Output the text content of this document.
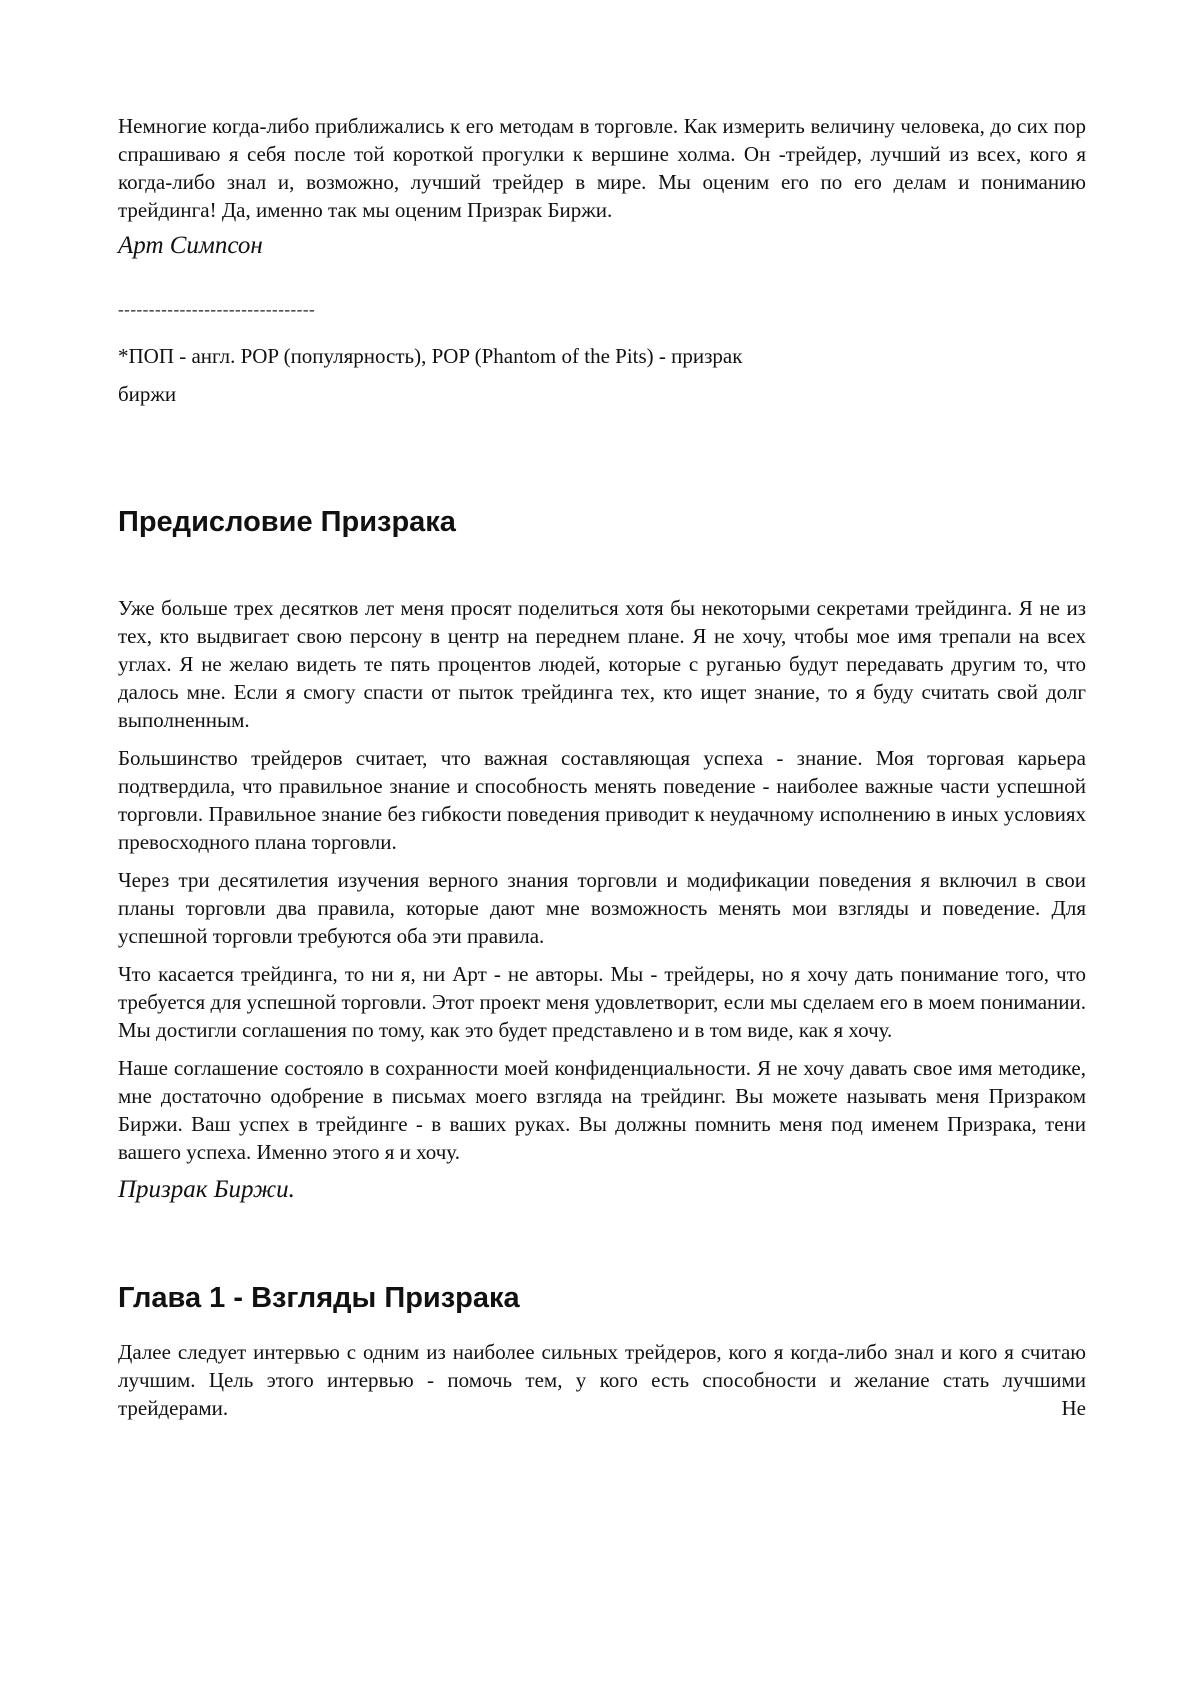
Немногие когда-либо приближались к его методам в торговле. Как измерить величину человека, до сих пор спрашиваю я себя после той короткой прогулки к вершине холма. Он -трейдер, лучший из всех, кого я когда-либо знал и, возможно, лучший трейдер в мире. Мы оценим его по его делам и пониманию трейдинга! Да, именно так мы оценим Призрак Биржи.

Арт Симпсон

--------------------------------

*ПОП - англ. POP (популярность), POP (Phantom of the Pits) - призрак

биржи

Предисловие Призрака

Уже больше трех десятков лет меня просят поделиться хотя бы некоторыми секретами трейдинга. Я не из тех, кто выдвигает свою персону в центр на переднем плане. Я не хочу, чтобы мое имя трепали на всех углах. Я не желаю видеть те пять процентов людей, которые с руганью будут передавать другим то, что далось мне. Если я смогу спасти от пыток трейдинга тех, кто ищет знание, то я буду считать свой долг выполненным.

Большинство трейдеров считает, что важная составляющая успеха - знание. Моя торговая карьера подтвердила, что правильное знание и способность менять поведение - наиболее важные части успешной торговли. Правильное знание без гибкости поведения приводит к неудачному исполнению в иных условиях превосходного плана торговли.

Через три десятилетия изучения верного знания торговли и модификации поведения я включил в свои планы торговли два правила, которые дают мне возможность менять мои взгляды и поведение. Для успешной торговли требуются оба эти правила.

Что касается трейдинга, то ни я, ни Арт - не авторы. Мы - трейдеры, но я хочу дать понимание того, что требуется для успешной торговли. Этот проект меня удовлетворит, если мы сделаем его в моем понимании. Мы достигли соглашения по тому, как это будет представлено и в том виде, как я хочу.

Наше соглашение состояло в сохранности моей конфиденциальности. Я не хочу давать свое имя методике, мне достаточно одобрение в письмах моего взгляда на трейдинг. Вы можете называть меня Призраком Биржи. Ваш успех в трейдинге - в ваших руках. Вы должны помнить меня под именем Призрака, тени вашего успеха. Именно этого я и хочу.

Призрак Биржи.

Глава 1 - Взгляды Призрака

Далее следует интервью с одним из наиболее сильных трейдеров, кого я когда-либо знал и кого я считаю лучшим. Цель этого интервью - помочь тем, у кого есть способности и желание стать лучшими трейдерами. Не
